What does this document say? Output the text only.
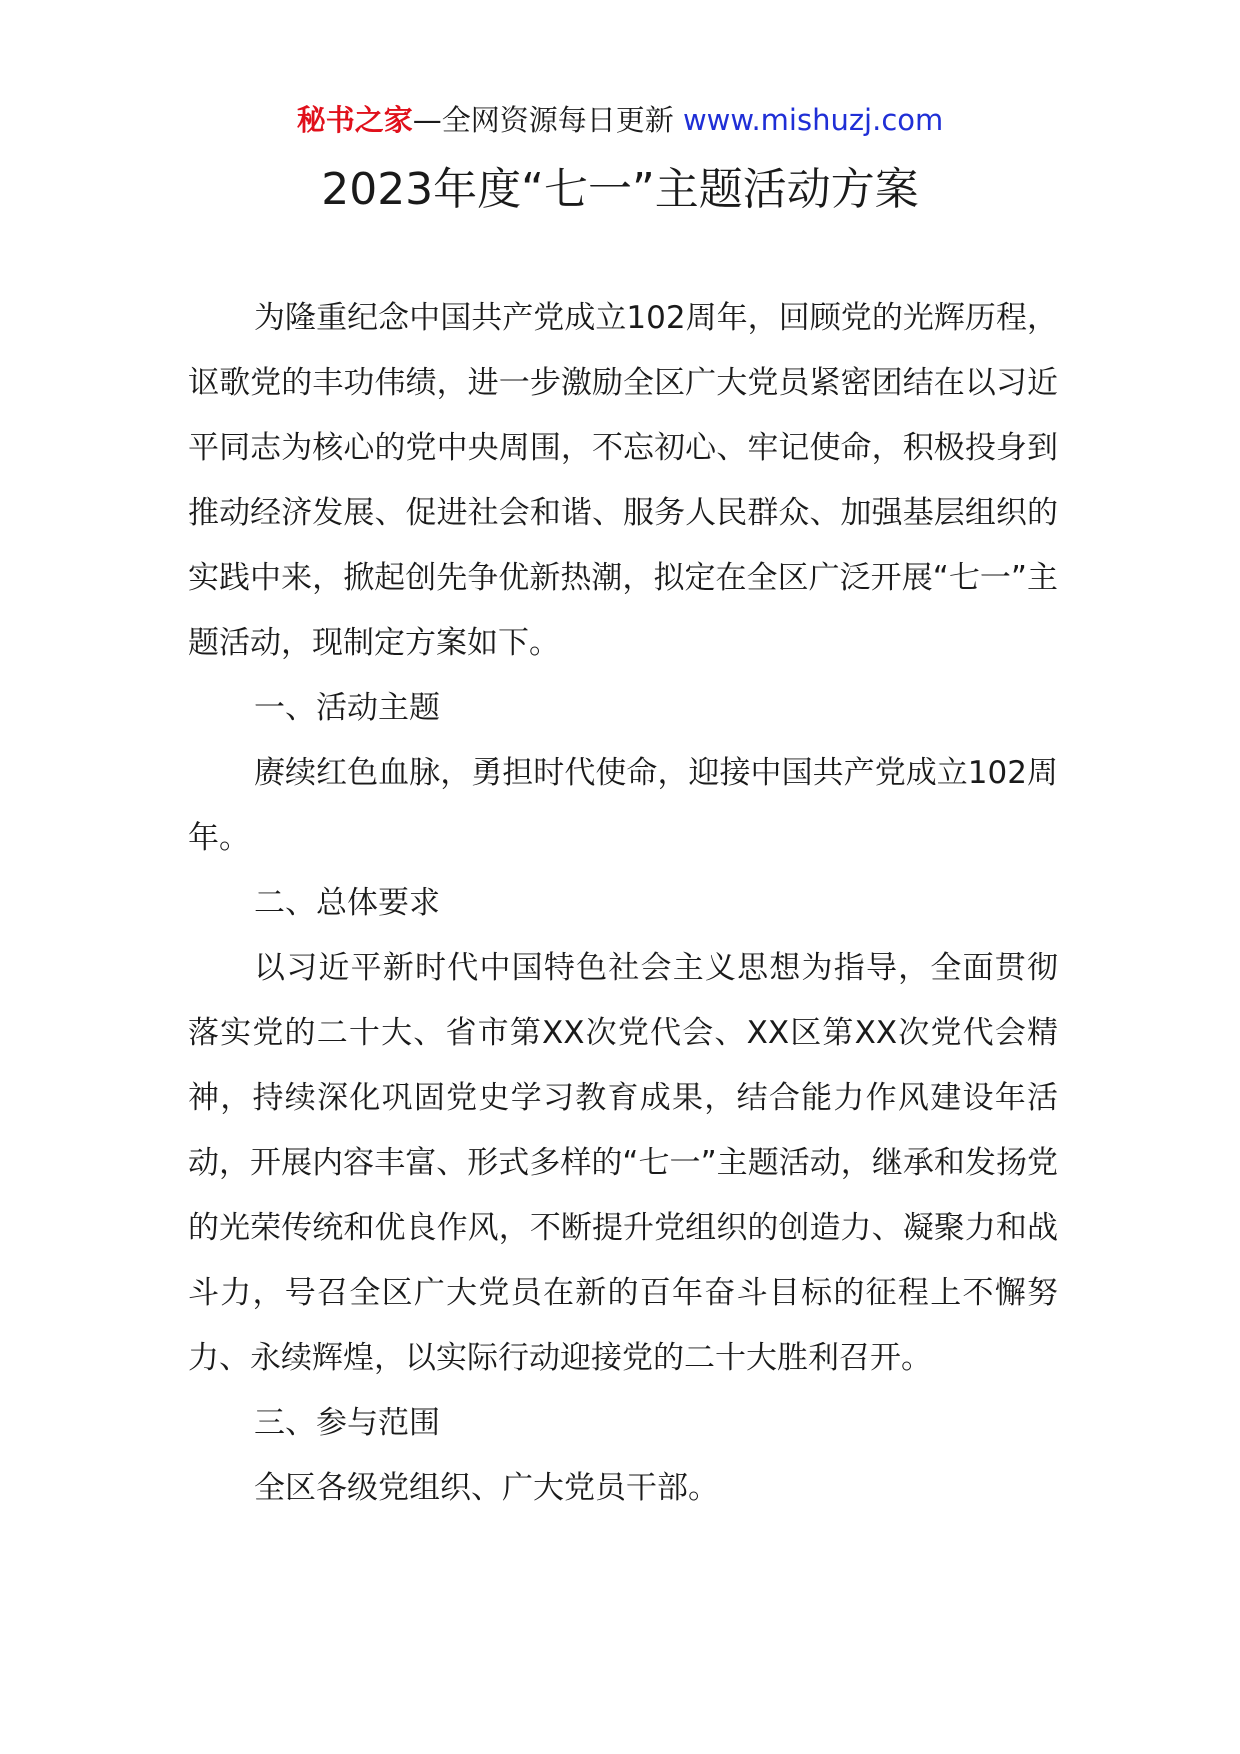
秘书之家—全网资源每日更新 www.mishuzj.com
2023年度“七一”主题活动方案

为隆重纪念中国共产党成立102周年，回顾党的光辉历程，讴歌党的丰功伟绩，进一步激励全区广大党员紧密团结在以习近平同志为核心的党中央周围，不忘初心、牢记使命，积极投身到推动经济发展、促进社会和谐、服务人民群众、加强基层组织的实践中来，掀起创先争优新热潮，拟定在全区广泛开展“七一”主题活动，现制定方案如下。

一、活动主题

赓续红色血脉，勇担时代使命，迎接中国共产党成立102周年。

二、总体要求

以习近平新时代中国特色社会主义思想为指导，全面贯彻落实党的二十大、省市第XX次党代会、XX区第XX次党代会精神，持续深化巩固党史学习教育成果，结合能力作风建设年活动，开展内容丰富、形式多样的“七一”主题活动，继承和发扬党的光荣传统和优良作风，不断提升党组织的创造力、凝聚力和战斗力，号召全区广大党员在新的百年奋斗目标的征程上不懈努力、永续辉煌，以实际行动迎接党的二十大胜利召开。

三、参与范围

全区各级党组织、广大党员干部。
